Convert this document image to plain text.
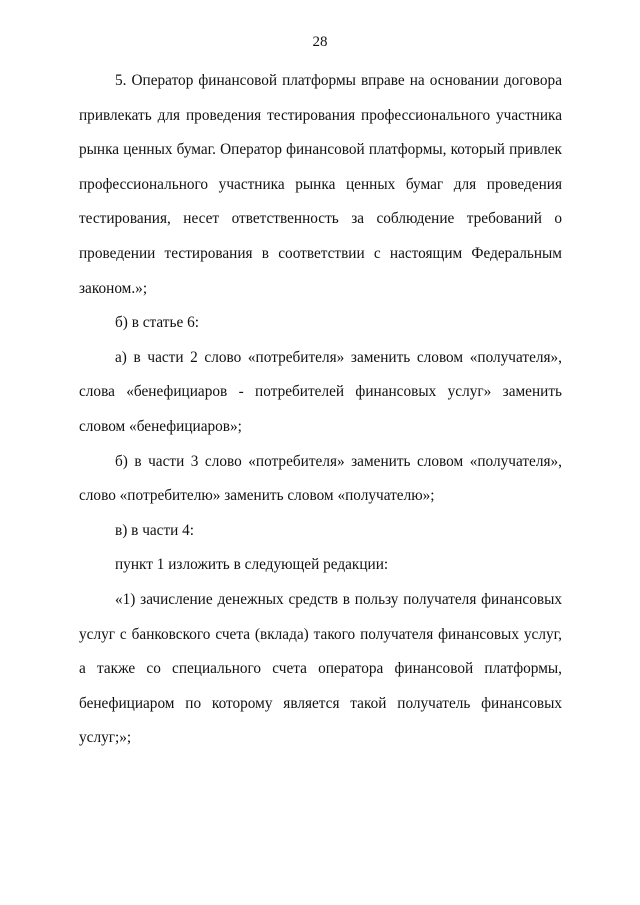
28

5. Оператор финансовой платформы вправе на основании договора привлекать для проведения тестирования профессионального участника рынка ценных бумаг. Оператор финансовой платформы, который привлек профессионального участника рынка ценных бумаг для проведения тестирования, несет ответственность за соблюдение требований о проведении тестирования в соответствии с настоящим Федеральным законом.»;

б) в статье 6:

а) в части 2 слово «потребителя» заменить словом «получателя», слова «бенефициаров - потребителей финансовых услуг» заменить словом «бенефициаров»;

б) в части 3 слово «потребителя» заменить словом «получателя», слово «потребителю» заменить словом «получателю»;

в) в части 4:

пункт 1 изложить в следующей редакции:

«1) зачисление денежных средств в пользу получателя финансовых услуг с банковского счета (вклада) такого получателя финансовых услуг, а также со специального счета оператора финансовой платформы, бенефициаром по которому является такой получатель финансовых услуг;»;
